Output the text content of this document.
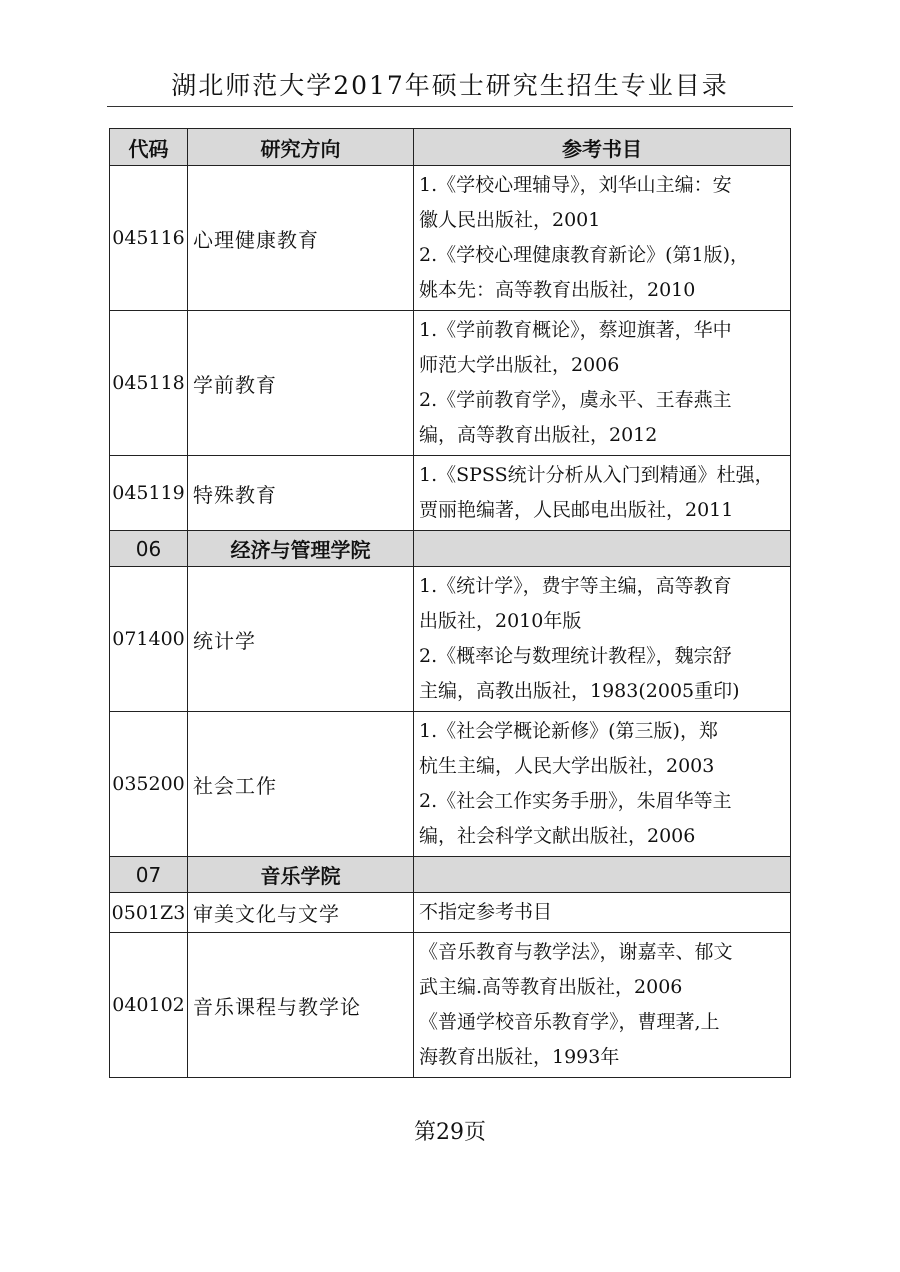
湖北师范大学2017年硕士研究生招生专业目录
代码	研究方向	参考书目
045116	心理健康教育	1.《学校心理辅导》，刘华山主编：安
徽人民出版社，2001
2.《学校心理健康教育新论》(第1版)，
姚本先：高等教育出版社，2010

045118	学前教育	1.《学前教育概论》，蔡迎旗著，华中
师范大学出版社，2006
2.《学前教育学》，虞永平、王春燕主
编，高等教育出版社，2012

045119	特殊教育	1.《SPSS统计分析从入门到精通》杜强，
贾丽艳编著，人民邮电出版社，2011

06	经济与管理学院	
071400	统计学	1.《统计学》，费宇等主编，高等教育
出版社，2010年版
2.《概率论与数理统计教程》，魏宗舒
主编，高教出版社，1983(2005重印)

035200	社会工作	1.《社会学概论新修》(第三版)，郑
杭生主编，人民大学出版社，2003
2.《社会工作实务手册》，朱眉华等主
编，社会科学文献出版社，2006

07	音乐学院	
0501Z3	审美文化与文学	不指定参考书目

040102	音乐课程与教学论	《音乐教育与教学法》，谢嘉幸、郁文
武主编.高等教育出版社，2006
《普通学校音乐教育学》，曹理著,上
海教育出版社，1993年
第29页
